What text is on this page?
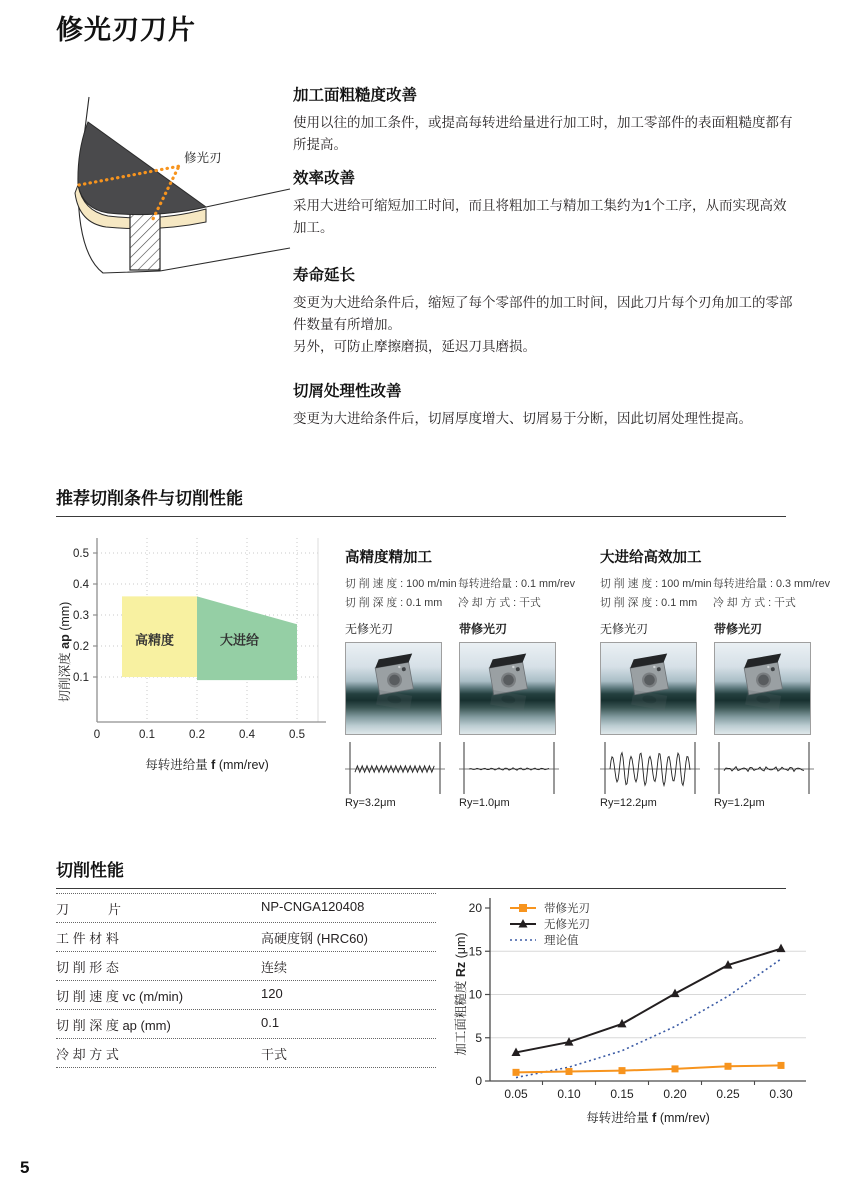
修光刃刀片
修光刃
加工面粗糙度改善

使用以往的加工条件，或提高每转进给量进行加工时，加工零部件的表面粗糙度都有所提高。

效率改善

采用大进给可缩短加工时间，而且将粗加工与精加工集约为1个工序，从而实现高效加工。

寿命延长

变更为大进给条件后，缩短了每个零部件的加工时间，因此刀片每个刃角加工的零部件数量有所增加。

另外，可防止摩擦磨损，延迟刀具磨损。

切屑处理性改善

变更为大进给条件后，切屑厚度增大、切屑易于分断，因此切屑处理性提高。

推荐切削条件与切削性能
高精度	大进给
0.1
0.2
0.3
0.4
0.5
0	0.1	0.2	0.4	0.5
切削深度 ap (mm)
每转进给量 f (mm/rev)
高精度精加工
切 削 速 度 : 100 m/min 每转进给量 : 0.1 mm/rev
切 削 深 度 : 0.1 mm	冷 却 方 式 : 干式
无修光刃
Ry=3.2μm
带修光刃
Ry=1.0μm
大进给高效加工
切 削 速 度 : 100 m/min 每转进给量 : 0.3 mm/rev
切 削 深 度 : 0.1 mm	冷 却 方 式 : 干式
无修光刃
Ry=12.2μm
带修光刃
Ry=1.2μm
切削性能
刀　　　片	NP-CNGA120408
工 件 材 料	高硬度钢 (HRC60)
切 削 形 态	连续
切 削 速 度 vc (m/min)	120
切 削 深 度 ap (mm)	0.1
冷 却 方 式	干式
0
5
10
15
20
0.05 0.10 0.15 0.20 0.25 0.30
带修光刃
无修光刃
理论值
加工面粗糙度 Rz (μm)
每转进给量 f (mm/rev)
5
